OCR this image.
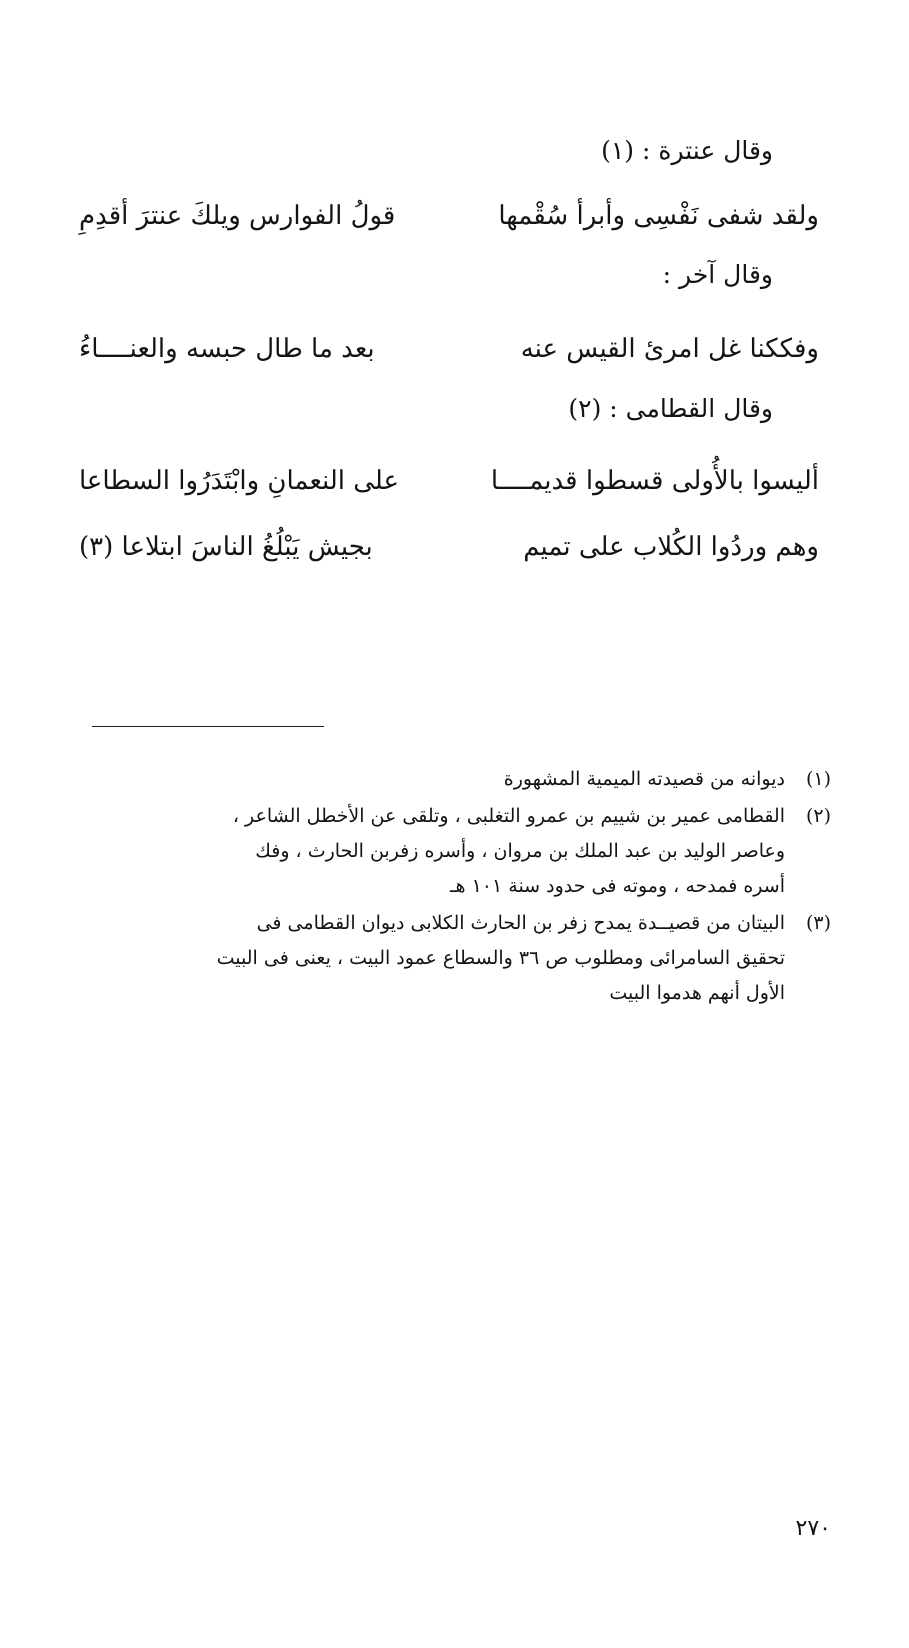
وقال عنترة : (١)
ولقد شفى نَفْسِى وأبرأ سُقْمها
قولُ الفوارس ويلكَ عنترَ أقدِمِ
وقال آخر :
وفككنا غل امرئ القيس عنه
بعد ما طال حبسه والعنــــاءُ
وقال القطامى : (٢)
أليسوا بالأُولى قسطوا قديمــــا
على النعمانِ وابْتَدَرُوا السطاعا
وهم وردُوا الكُلاب على تميم
بجيش يَبْلُغُ الناسَ ابتلاعا (٣)
(١)
ديوانه من قصيدته الميمية المشهورة
(٢)
القطامى عمير بن شييم بن عمرو التغلبى ، وتلقى عن الأخطل الشاعر ،
وعاصر الوليد بن عبد الملك بن مروان ، وأسره زفربن الحارث ، وفك
أسره فمدحه ، وموته فى حدود سنة ١٠١ هـ
(٣)
البيتان من قصيــدة يمدح زفر بن الحارث الكلابى ديوان القطامى فى
تحقيق السامرائى ومطلوب ص ٣٦ والسطاع عمود البيت ، يعنى فى البيت
الأول أنهم هدموا البيت
٢٧٠
